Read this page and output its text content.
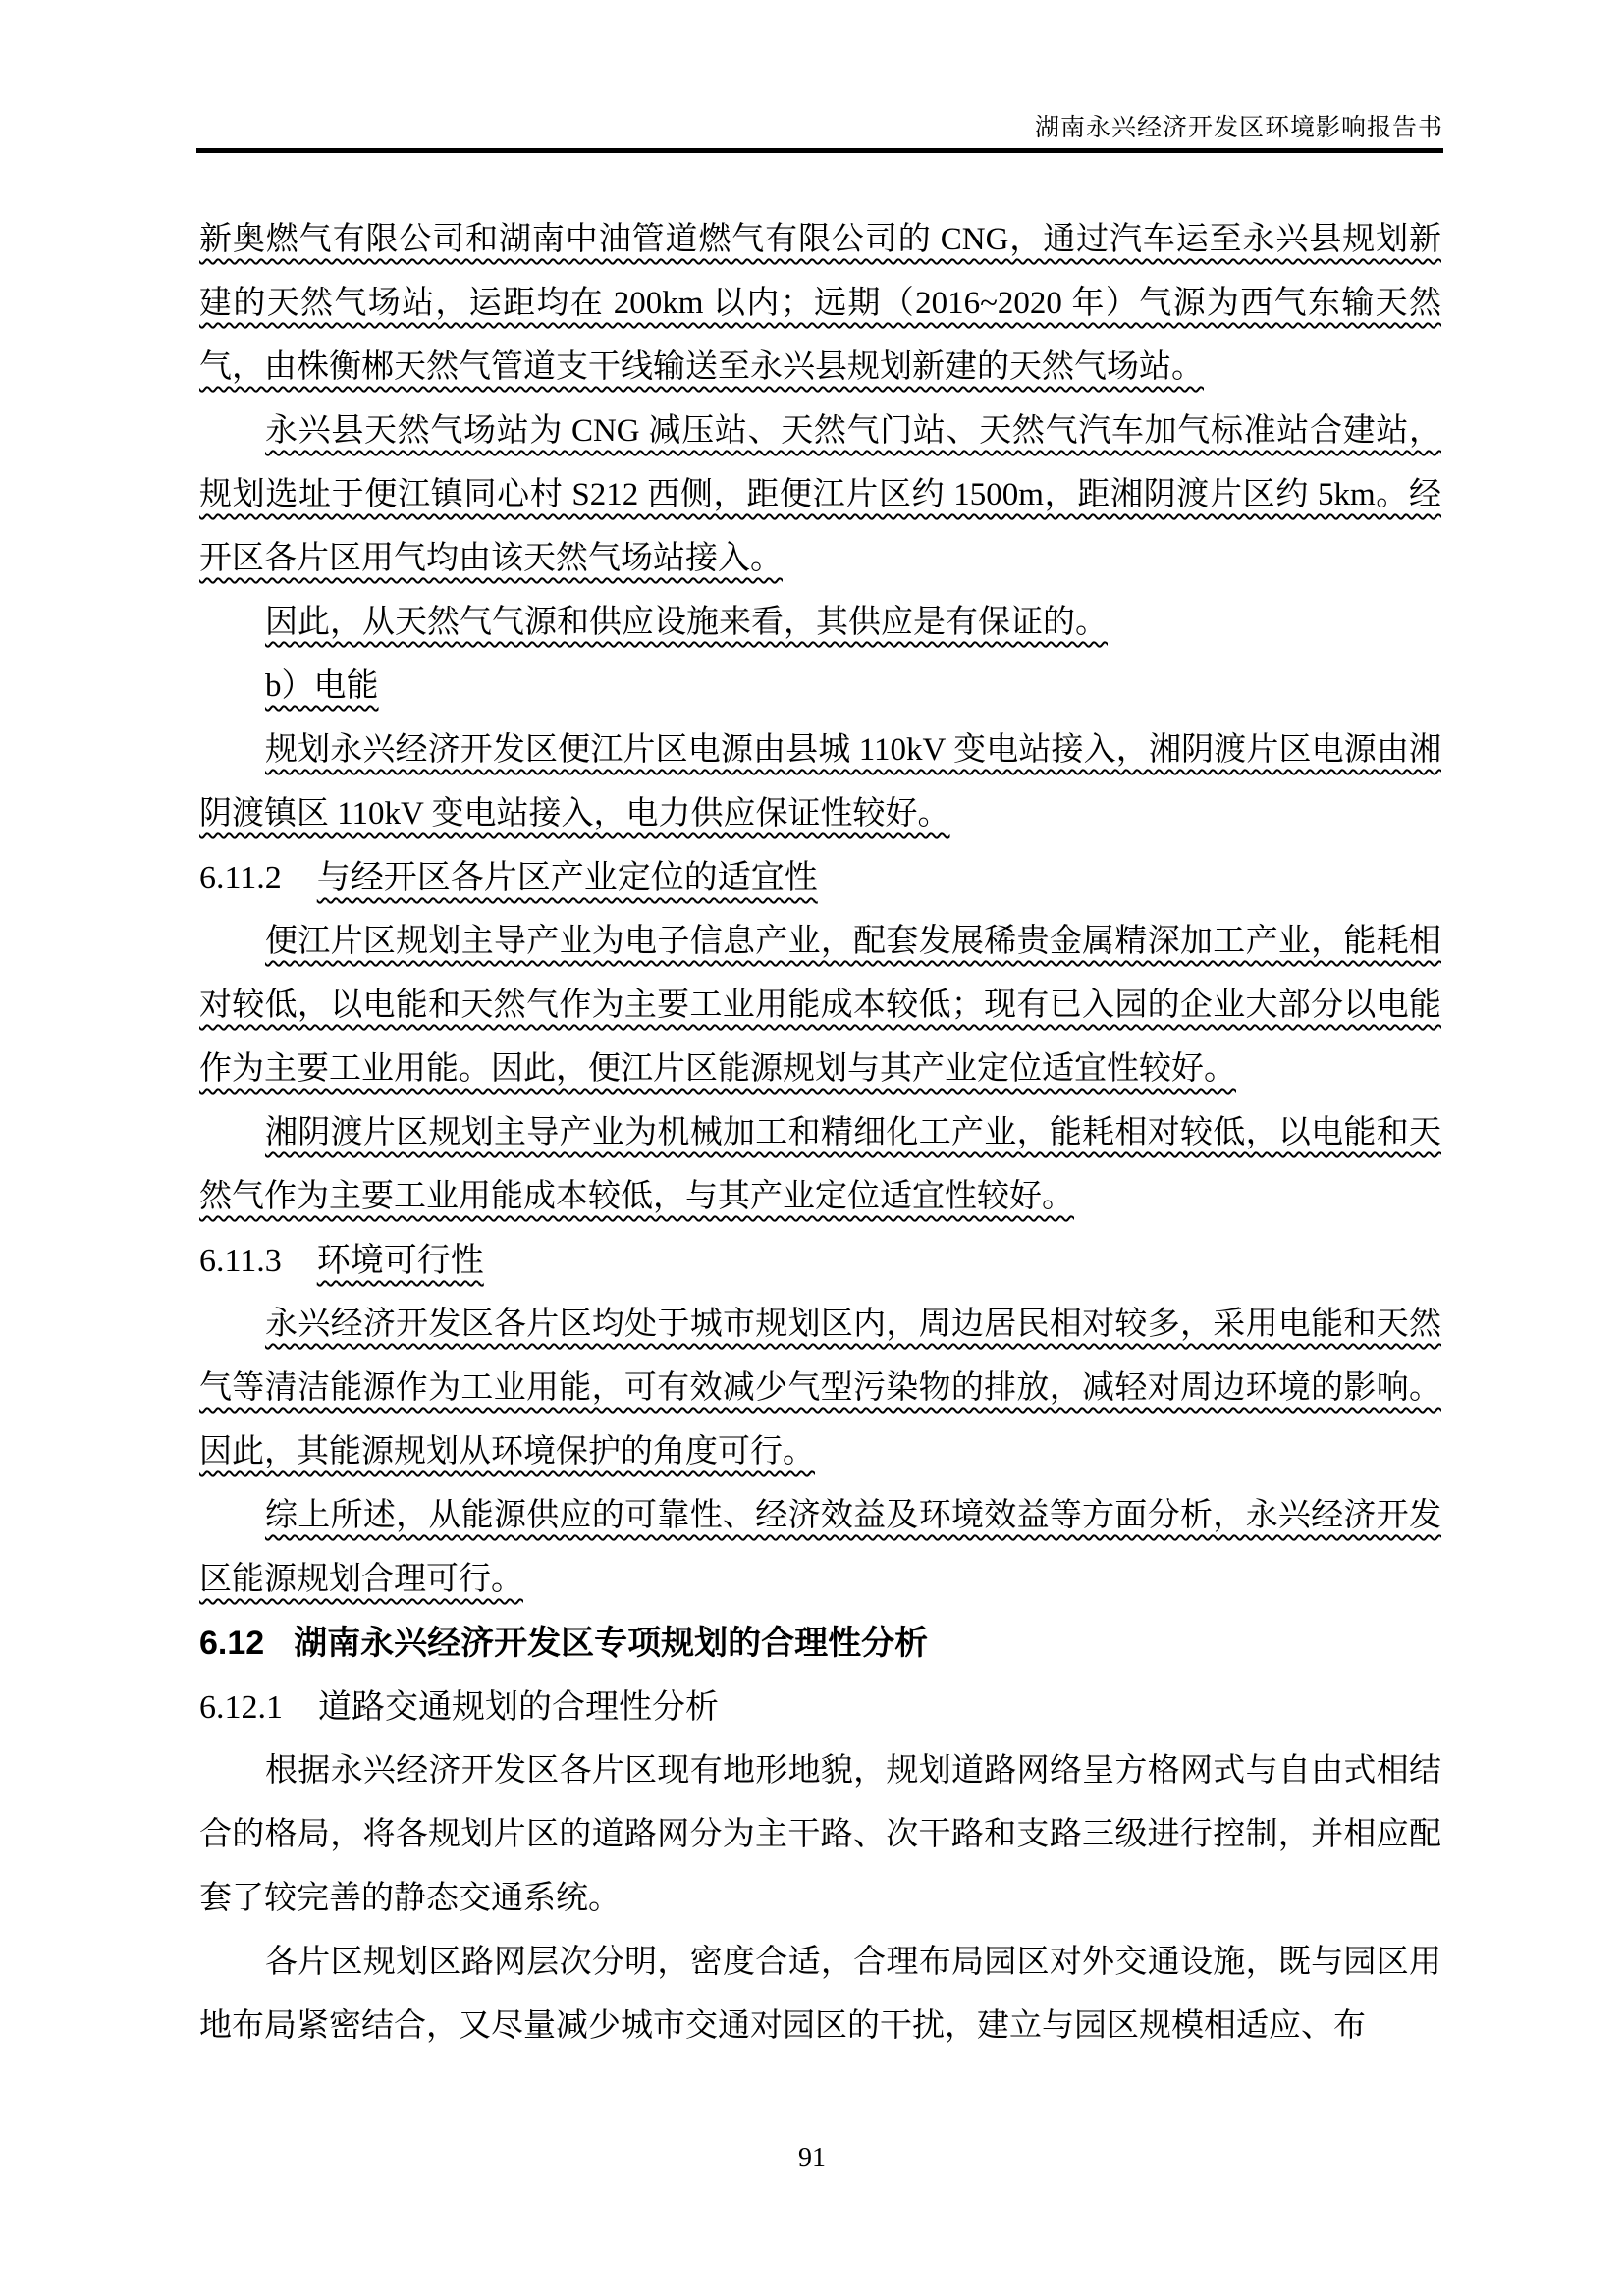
湖南永兴经济开发区环境影响报告书

新奥燃气有限公司和湖南中油管道燃气有限公司的 CNG，通过汽车运至永兴县规划新建的天然气场站，运距均在 200km 以内；远期（2016~2020 年）气源为西气东输天然气，由株衡郴天然气管道支干线输送至永兴县规划新建的天然气场站。

永兴县天然气场站为 CNG 减压站、天然气门站、天然气汽车加气标准站合建站，规划选址于便江镇同心村 S212 西侧，距便江片区约 1500m，距湘阴渡片区约 5km。经开区各片区用气均由该天然气场站接入。

因此，从天然气气源和供应设施来看，其供应是有保证的。

b）电能

规划永兴经济开发区便江片区电源由县城 110kV 变电站接入，湘阴渡片区电源由湘阴渡镇区 110kV 变电站接入，电力供应保证性较好。

6.11.2 与经开区各片区产业定位的适宜性

便江片区规划主导产业为电子信息产业，配套发展稀贵金属精深加工产业，能耗相对较低，以电能和天然气作为主要工业用能成本较低；现有已入园的企业大部分以电能作为主要工业用能。因此，便江片区能源规划与其产业定位适宜性较好。

湘阴渡片区规划主导产业为机械加工和精细化工产业，能耗相对较低，以电能和天然气作为主要工业用能成本较低，与其产业定位适宜性较好。

6.11.3 环境可行性

永兴经济开发区各片区均处于城市规划区内，周边居民相对较多，采用电能和天然气等清洁能源作为工业用能，可有效减少气型污染物的排放，减轻对周边环境的影响。因此，其能源规划从环境保护的角度可行。

综上所述，从能源供应的可靠性、经济效益及环境效益等方面分析，永兴经济开发区能源规划合理可行。

6.12 湖南永兴经济开发区专项规划的合理性分析

6.12.1 道路交通规划的合理性分析

根据永兴经济开发区各片区现有地形地貌，规划道路网络呈方格网式与自由式相结合的格局，将各规划片区的道路网分为主干路、次干路和支路三级进行控制，并相应配套了较完善的静态交通系统。

各片区规划区路网层次分明，密度合适，合理布局园区对外交通设施，既与园区用地布局紧密结合，又尽量减少城市交通对园区的干扰，建立与园区规模相适应、布

91
